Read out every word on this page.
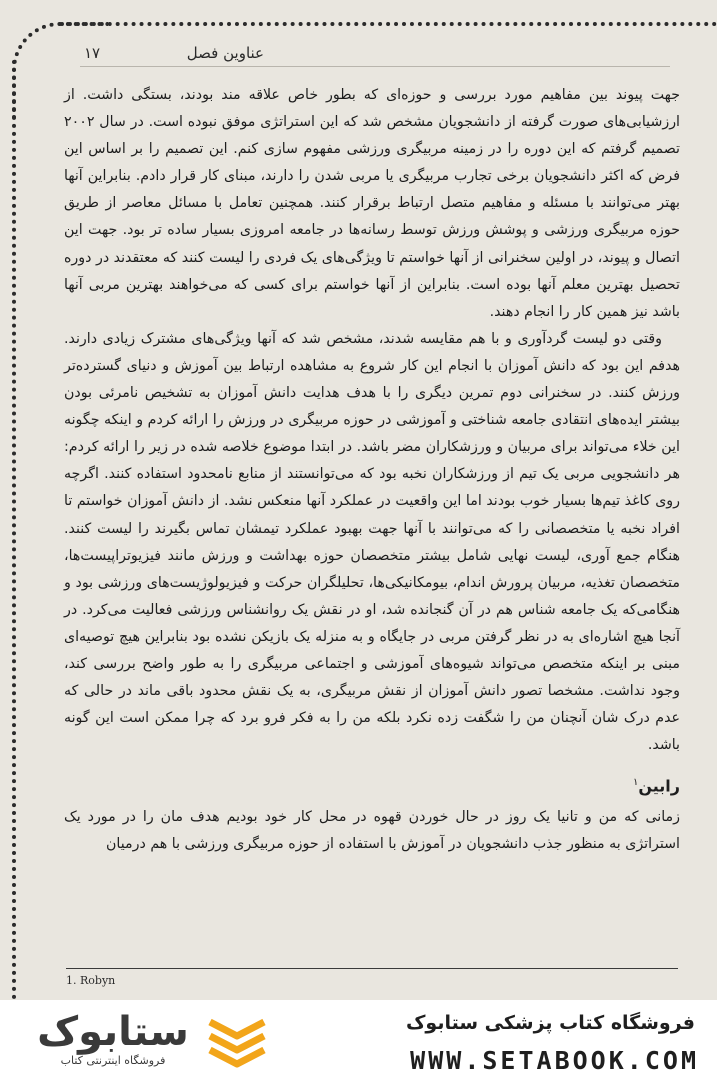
۱۷	عناوین فصل

جهت پیوند بین مفاهیم مورد بررسی و حوزه‌ای که بطور خاص علاقه مند بودند، بستگی داشت. از ارزشیابی‌های صورت گرفته از دانشجویان مشخص شد که این استراتژی موفق نبوده است. در سال ۲۰۰۲ تصمیم گرفتم که این دوره را در زمینه مربیگری ورزشی مفهوم سازی کنم. این تصمیم را بر اساس این فرض که اکثر دانشجویان برخی تجارب مربیگری یا مربی شدن را دارند، مبنای کار قرار دادم. بنابراین آنها بهتر می‌توانند با مسئله و مفاهیم متصل ارتباط برقرار کنند. همچنین تعامل با مسائل معاصر از طریق حوزه مربیگری ورزشی و پوشش ورزش توسط رسانه‌ها در جامعه امروزی بسیار ساده تر بود. جهت این اتصال و پیوند، در اولین سخنرانی از آنها خواستم تا ویژگی‌های یک فردی را لیست کنند که معتقدند در دوره تحصیل بهترین معلم آنها بوده است. بنابراین از آنها خواستم برای کسی که می‌خواهند بهترین مربی آنها باشد نیز همین کار را انجام دهند.

وقتی دو لیست گردآوری و با هم مقایسه شدند، مشخص شد که آنها ویژگی‌های مشترک زیادی دارند. هدفم این بود که دانش آموزان با انجام این کار شروع به مشاهده ارتباط بین آموزش و دنیای گسترده‌تر ورزش کنند. در سخنرانی دوم تمرین دیگری را با هدف هدایت دانش آموزان به تشخیص نامرئی بودن بیشتر ایده‌های انتقادی جامعه شناختی و آموزشی در حوزه مربیگری در ورزش را ارائه کردم و اینکه چگونه این خلاء می‌تواند برای مربیان و ورزشکاران مضر باشد. در ابتدا موضوع خلاصه شده در زیر را ارائه کردم: هر دانشجویی مربی یک تیم از ورزشکاران نخبه بود که می‌توانستند از منابع نامحدود استفاده کنند. اگرچه روی کاغذ تیم‌ها بسیار خوب بودند اما این واقعیت در عملکرد آنها منعکس نشد. از دانش آموزان خواستم تا افراد نخبه یا متخصصانی را که می‌توانند با آنها جهت بهبود عملکرد تیمشان تماس بگیرند را لیست کنند. هنگام جمع آوری، لیست نهایی شامل بیشتر متخصصان حوزه بهداشت و ورزش مانند فیزیوتراپیست‌ها، متخصصان تغذیه، مربیان پرورش اندام، بیومکانیکی‌ها، تحلیلگران حرکت و فیزیولوژیست‌های ورزشی بود و هنگامی‌که یک جامعه شناس هم در آن گنجانده شد، او در نقش یک روانشناس ورزشی فعالیت می‌کرد. در آنجا هیچ اشاره‌ای به در نظر گرفتن مربی در جایگاه و به منزله یک بازیکن نشده بود بنابراین هیچ توصیه‌ای مبنی بر اینکه متخصص می‌تواند شیوه‌های آموزشی و اجتماعی مربیگری را به طور واضح بررسی کند، وجود نداشت. مشخصا تصور دانش آموزان از نقش مربیگری، به یک نقش محدود باقی ماند در حالی که عدم درک شان آنچنان من را شگفت زده نکرد بلکه من را به فکر فرو برد که چرا ممکن است این گونه باشد.

رابین$^۱$

زمانی که من و تانیا یک روز در حال خوردن قهوه در محل کار خود بودیم هدف مان را در مورد یک استراتژی به منظور جذب دانشجویان در آموزش با استفاده از حوزه مربیگری ورزشی با هم درمیان

1. Robyn
ستابوک
فروشگاه اینترنتی کتاب
فروشگاه کتاب پزشکی ستابوک
WWW.SETABOOK.COM
